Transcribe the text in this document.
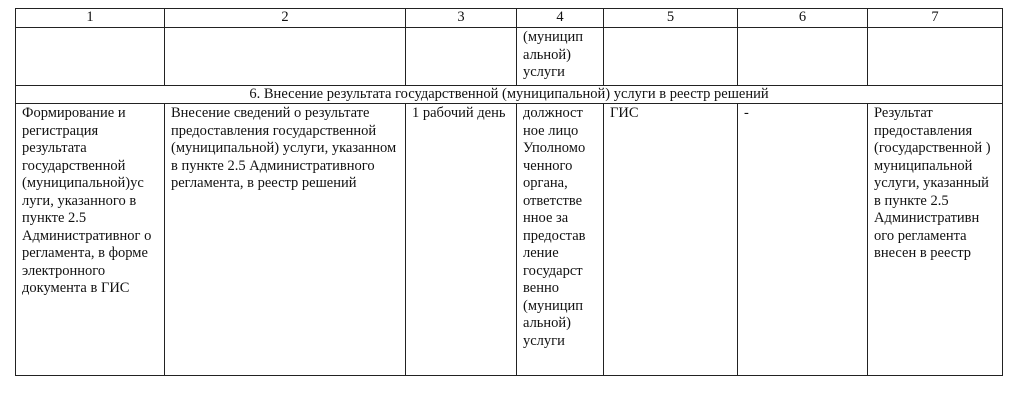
1	2	3	4	5	6	7
			(муницип альной) услуги			
6. Внесение результата государственной (муниципальной) услуги в реестр решений						
Формирование и регистрация результата государственной (муниципальной)ус луги, указанного в пункте 2.5 Административног о регламента, в форме электронного документа в ГИС	Внесение сведений о результате предоставления государственной (муниципальной) услуги, указанном в пункте 2.5 Административного регламента, в реестр решений	1 рабочий день	должност ное лицо Уполномо ченного органа, ответстве нное за предостав ление государст венно (муницип альной) услуги	ГИС	-	Результат предоставления (государственной ) муниципальной услуги, указанный в пункте 2.5 Административн ого регламента внесен в реестр
